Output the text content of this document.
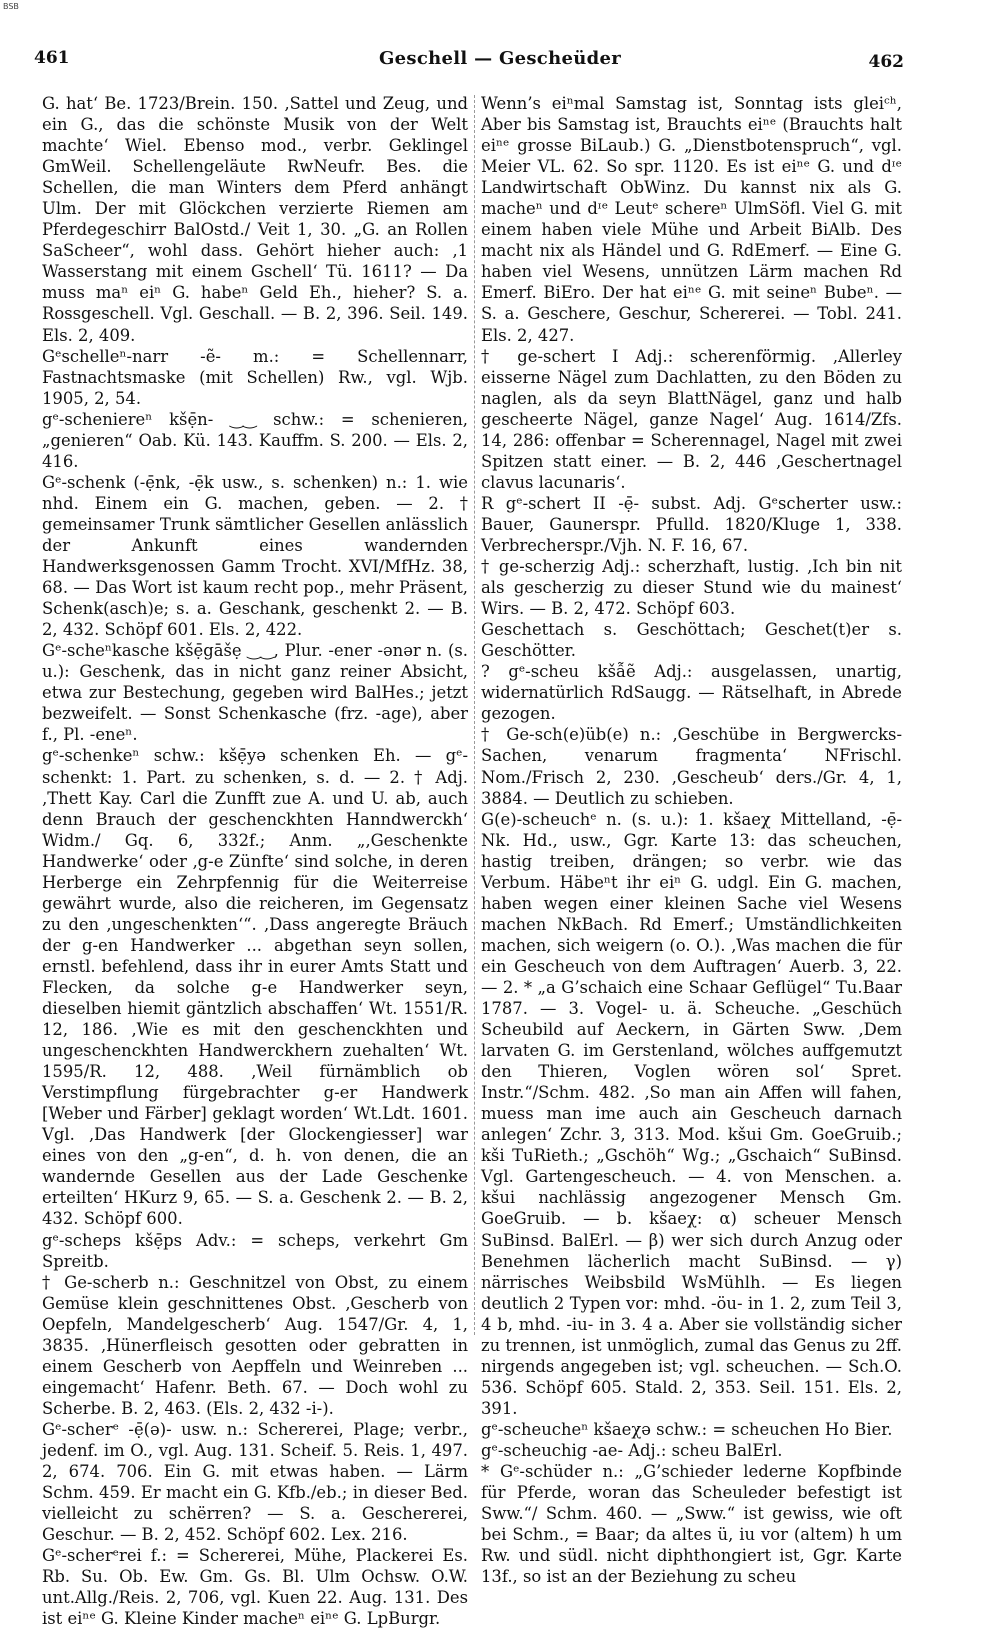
BSB
461	Geschell — Gescheüder	462

G. hat‘ Be. 1723/Brein. 150. ‚Sattel und Zeug, und ein G., das die schönste Musik von der Welt machte‘ Wiel. Ebenso mod., verbr. Geklingel GmWeil. Schellengeläute RwNeufr. Bes. die Schellen, die man Winters dem Pferd anhängt Ulm. Der mit Glöckchen verzierte Riemen am Pferdegeschirr BalOstd./ Veit 1, 30. „G. an Rollen SaScheer“, wohl dass. Gehört hieher auch: ‚1 Wasserstang mit einem Gschell‘ Tü. 1611? — Da muss maⁿ eiⁿ G. habeⁿ Geld Eh., hieher? S. a. Rossgeschell. Vgl. Geschall. — B. 2, 396. Seil. 149. Els. 2, 409.

Gᵉschelleⁿ-narr -ẽ- m.: = Schellennarr, Fastnachtsmaske (mit Schellen) Rw., vgl. Wjb. 1905, 2, 54.

gᵉ-scheniereⁿ kšẹ̄n- ‿‿ schw.: = schenieren, „genieren“ Oab. Kü. 143. Kauffm. S. 200. — Els. 2, 416.

Gᵉ-schenk (-ẹ̄nk, -ẹ̄k usw., s. schenken) n.: 1. wie nhd. Einem ein G. machen, geben. — 2. † gemeinsamer Trunk sämtlicher Gesellen anlässlich der Ankunft eines wandernden Handwerksgenossen Gamm Trocht. XVI/MfHz. 38, 68. — Das Wort ist kaum recht pop., mehr Präsent, Schenk(asch)e; s. a. Geschank, geschenkt 2. — B. 2, 432. Schöpf 601. Els. 2, 422.

Gᵉ-scheⁿkasche kšẹ̄gāšẹ ‿‿, Plur. -ener -ənər n. (s. u.): Geschenk, das in nicht ganz reiner Absicht, etwa zur Bestechung, gegeben wird BalHes.; jetzt bezweifelt. — Sonst Schenkasche (frz. -age), aber f., Pl. -eneⁿ.

gᵉ-schenkeⁿ schw.: kšẹ̄yə schenken Eh. — gᵉ-schenkt: 1. Part. zu schenken, s. d. — 2. † Adj. ‚Thett Kay. Carl die Zunfft zue A. und U. ab, auch denn Brauch der geschenckhten Hanndwerckh‘ Widm./ Gq. 6, 332f.; Anm. „‚Geschenkte Handwerke‘ oder ‚g-e Zünfte‘ sind solche, in deren Herberge ein Zehrpfennig für die Weiterreise gewährt wurde, also die reicheren, im Gegensatz zu den ‚ungeschenkten‘“. ‚Dass angeregte Bräuch der g-en Handwerker ... abgethan seyn sollen, ernstl. befehlend, dass ihr in eurer Amts Statt und Flecken, da solche g-e Handwerker seyn, dieselben hiemit gäntzlich abschaffen‘ Wt. 1551/R. 12, 186. ‚Wie es mit den geschenckhten und ungeschenckhten Handwerckhern zuehalten‘ Wt. 1595/R. 12, 488. ‚Weil fürnämblich ob Verstimpflung fürgebrachter g-er Handwerk [Weber und Färber] geklagt worden‘ Wt.Ldt. 1601. Vgl. ‚Das Handwerk [der Glockengiesser] war eines von den „g-en“, d. h. von denen, die an wandernde Gesellen aus der Lade Geschenke erteilten‘ HKurz 9, 65. — S. a. Geschenk 2. — B. 2, 432. Schöpf 600.

gᵉ-scheps kšẹ̄ps Adv.: = scheps, verkehrt Gm Spreitb.

† Ge-scherb n.: Geschnitzel von Obst, zu einem Gemüse klein geschnittenes Obst. ‚Gescherb von Oepfeln, Mandelgescherb‘ Aug. 1547/Gr. 4, 1, 3835. ‚Hünerfleisch gesotten oder gebratten in einem Gescherb von Aepffeln und Weinreben ... eingemacht‘ Hafenr. Beth. 67. — Doch wohl zu Scherbe. B. 2, 463. (Els. 2, 432 -i-).

Gᵉ-scherᵉ -ẹ̄(ə)- usw. n.: Schererei, Plage; verbr., jedenf. im O., vgl. Aug. 131. Scheif. 5. Reis. 1, 497. 2, 674. 706. Ein G. mit etwas haben. — Lärm Schm. 459. Er macht ein G. Kfb./eb.; in dieser Bed. vielleicht zu schërren? — S. a. Geschererei, Geschur. — B. 2, 452. Schöpf 602. Lex. 216.

Gᵉ-scherᵉrei f.: = Schererei, Mühe, Plackerei Es. Rb. Su. Ob. Ew. Gm. Gs. Bl. Ulm Ochsw. O.W. unt.Allg./Reis. 2, 706, vgl. Kuen 22. Aug. 131. Des ist eiⁿᵉ G. Kleine Kinder macheⁿ eiⁿᵉ G. LpBurgr.

Wenn’s eiⁿmal Samstag ist, Sonntag ists gleiᶜʰ, Aber bis Samstag ist, Brauchts eiⁿᵉ (Brauchts halt eiⁿᵉ grosse BiLaub.) G. „Dienstbotenspruch“, vgl. Meier VL. 62. So spr. 1120. Es ist eiⁿᵉ G. und dᶦᵉ Landwirtschaft ObWinz. Du kannst nix als G. macheⁿ und dᶦᵉ Leutᵉ schereⁿ UlmSöfl. Viel G. mit einem haben viele Mühe und Arbeit BiAlb. Des macht nix als Händel und G. RdEmerf. — Eine G. haben viel Wesens, unnützen Lärm machen Rd Emerf. BiEro. Der hat eiⁿᵉ G. mit seineⁿ Bubeⁿ. — S. a. Geschere, Geschur, Schererei. — Tobl. 241. Els. 2, 427.

† ge-schert I Adj.: scherenförmig. ‚Allerley eisserne Nägel zum Dachlatten, zu den Böden zu naglen, als da seyn BlattNägel, ganz und halb gescheerte Nägel, ganze Nagel‘ Aug. 1614/Zfs. 14, 286: offenbar = Scherennagel, Nagel mit zwei Spitzen statt einer. — B. 2, 446 ‚Geschertnagel clavus lacunaris‘.

R gᵉ-schert II -ẹ̄- subst. Adj. Gᵉscherter usw.: Bauer, Gaunerspr. Pfulld. 1820/Kluge 1, 338. Verbrecherspr./Vjh. N. F. 16, 67.

† ge-scherzig Adj.: scherzhaft, lustig. ‚Ich bin nit als gescherzig zu dieser Stund wie du mainest‘ Wirs. — B. 2, 472. Schöpf 603.

Geschettach s. Geschöttach; Geschet(t)er s. Geschötter.

? gᵉ-scheu kšẫẽ Adj.: ausgelassen, unartig, widernatürlich RdSaugg. — Rätselhaft, in Abrede gezogen.

† Ge-sch(e)üb(e) n.: ‚Geschübe in Bergwercks-Sachen, venarum fragmenta‘ NFrischl. Nom./Frisch 2, 230. ‚Gescheub‘ ders./Gr. 4, 1, 3884. — Deutlich zu schieben.

G(e)-scheuchᵉ n. (s. u.): 1. kšaeχ Mittelland, -ẹ̄- Nk. Hd., usw., Ggr. Karte 13: das scheuchen, hastig treiben, drängen; so verbr. wie das Verbum. Häbeⁿt ihr eiⁿ G. udgl. Ein G. machen, haben wegen einer kleinen Sache viel Wesens machen NkBach. Rd Emerf.; Umständlichkeiten machen, sich weigern (o. O.). ‚Was machen die für ein Gescheuch von dem Auftragen‘ Auerb. 3, 22. — 2. * „a G’schaich eine Schaar Geflügel“ Tu.Baar 1787. — 3. Vogel- u. ä. Scheuche. „Geschüch Scheubild auf Aeckern, in Gärten Sww. ‚Dem larvaten G. im Gerstenland, wölches auffgemutzt den Thieren, Voglen wören sol‘ Spret. Instr.“/Schm. 482. ‚So man ain Affen will fahen, muess man ime auch ain Gescheuch darnach anlegen‘ Zchr. 3, 313. Mod. kšui Gm. GoeGruib.; kši TuRieth.; „Gschöh“ Wg.; „Gschaich“ SuBinsd. Vgl. Gartengescheuch. — 4. von Menschen. a. kšui nachlässig angezogener Mensch Gm. GoeGruib. — b. kšaeχ: α) scheuer Mensch SuBinsd. BalErl. — β) wer sich durch Anzug oder Benehmen lächerlich macht SuBinsd. — γ) närrisches Weibsbild WsMühlh. — Es liegen deutlich 2 Typen vor: mhd. -öu- in 1. 2, zum Teil 3, 4 b, mhd. -iu- in 3. 4 a. Aber sie vollständig sicher zu trennen, ist unmöglich, zumal das Genus zu 2ff. nirgends angegeben ist; vgl. scheuchen. — Sch.O. 536. Schöpf 605. Stald. 2, 353. Seil. 151. Els. 2, 391.

gᵉ-scheucheⁿ kšaeχə schw.: = scheuchen Ho Bier.

gᵉ-scheuchig -ae- Adj.: scheu BalErl.

* Gᵉ-schüder n.: „G’schieder lederne Kopfbinde für Pferde, woran das Scheuleder befestigt ist Sww.“/ Schm. 460. — „Sww.“ ist gewiss, wie oft bei Schm., = Baar; da altes ü, iu vor (altem) h um Rw. und südl. nicht diphthongiert ist, Ggr. Karte 13f., so ist an der Beziehung zu scheu
